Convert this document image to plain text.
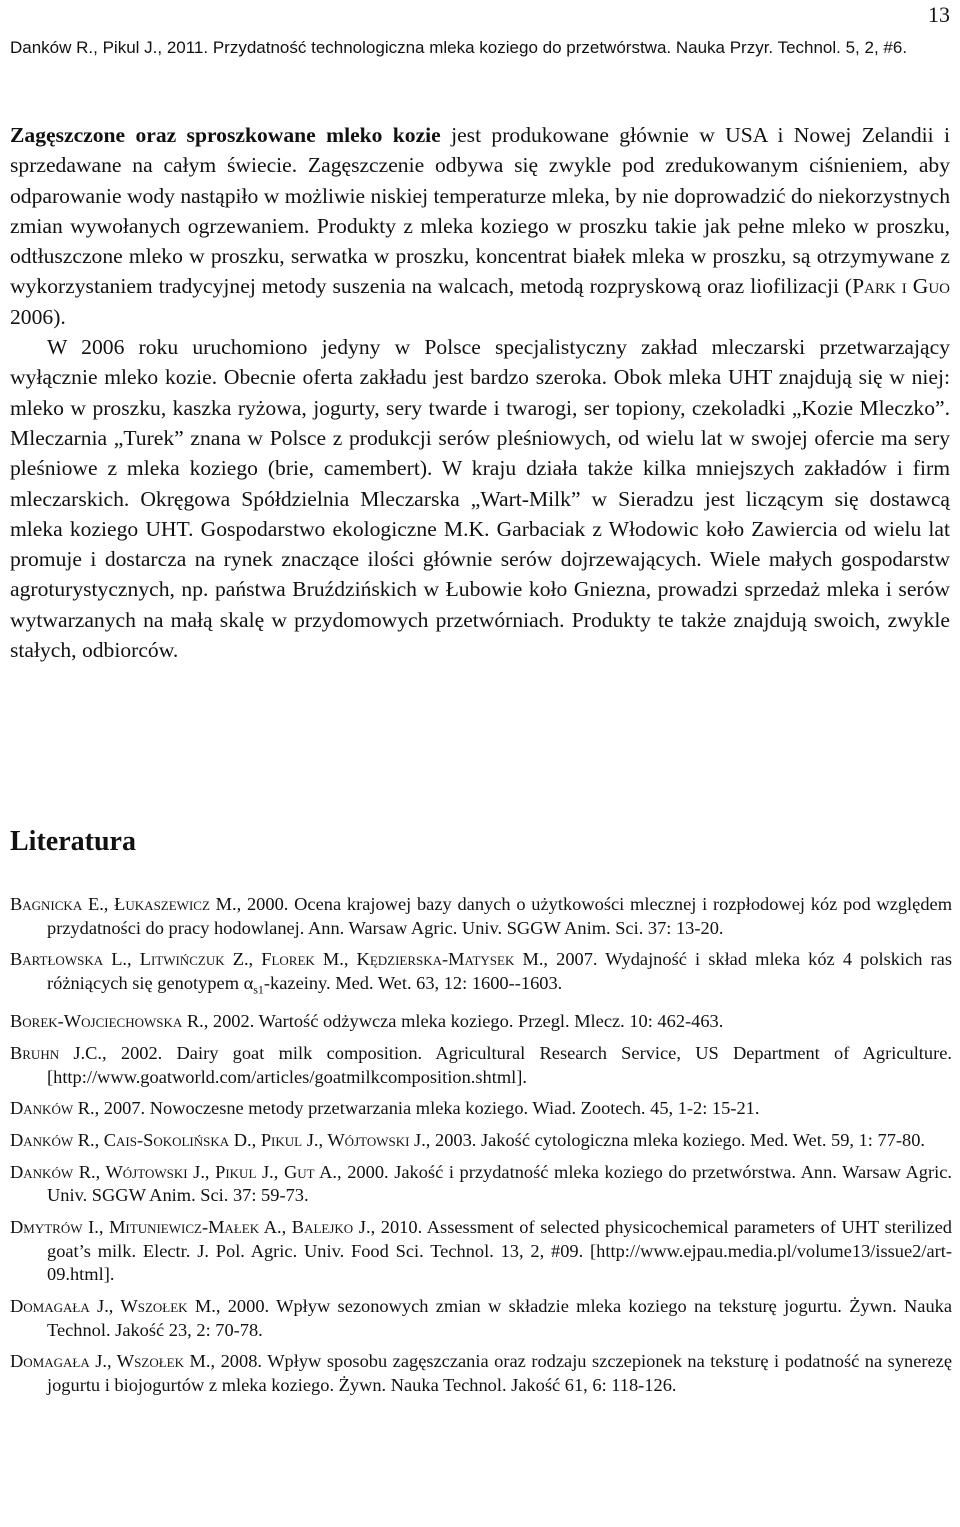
13
Danków R., Pikul J., 2011. Przydatność technologiczna mleka koziego do przetwórstwa. Nauka Przyr. Technol. 5, 2, #6.

Zagęszczone oraz sproszkowane mleko kozie jest produkowane głównie w USA i Nowej Zelandii i sprzedawane na całym świecie. Zagęszczenie odbywa się zwykle pod zredukowanym ciśnieniem, aby odparowanie wody nastąpiło w możliwie niskiej temperaturze mleka, by nie doprowadzić do niekorzystnych zmian wywołanych ogrzewaniem. Produkty z mleka koziego w proszku takie jak pełne mleko w proszku, odtłuszczone mleko w proszku, serwatka w proszku, koncentrat białek mleka w proszku, są otrzymywane z wykorzystaniem tradycyjnej metody suszenia na walcach, metodą rozpryskową oraz liofilizacji (Park i Guo 2006).

W 2006 roku uruchomiono jedyny w Polsce specjalistyczny zakład mleczarski przetwarzający wyłącznie mleko kozie. Obecnie oferta zakładu jest bardzo szeroka. Obok mleka UHT znajdują się w niej: mleko w proszku, kaszka ryżowa, jogurty, sery twarde i twarogi, ser topiony, czekoladki „Kozie Mleczko”. Mleczarnia „Turek” znana w Polsce z produkcji serów pleśniowych, od wielu lat w swojej ofercie ma sery pleśniowe z mleka koziego (brie, camembert). W kraju działa także kilka mniejszych zakładów i firm mleczarskich. Okręgowa Spółdzielnia Mleczarska „Wart-Milk” w Sieradzu jest liczącym się dostawcą mleka koziego UHT. Gospodarstwo ekologiczne M.K. Garbaciak z Włodowic koło Zawiercia od wielu lat promuje i dostarcza na rynek znaczące ilości głównie serów dojrzewających. Wiele małych gospodarstw agroturystycznych, np. państwa Bruździńskich w Łubowie koło Gniezna, prowadzi sprzedaż mleka i serów wytwarzanych na małą skalę w przydomowych przetwórniach. Produkty te także znajdują swoich, zwykle stałych, odbiorców.

Literatura
Bagnicka E., Łukaszewicz M., 2000. Ocena krajowej bazy danych o użytkowości mlecznej i rozpłodowej kóz pod względem przydatności do pracy hodowlanej. Ann. Warsaw Agric. Univ. SGGW Anim. Sci. 37: 13-20.
Bartłowska L., Litwińczuk Z., Florek M., Kędzierska-Matysek M., 2007. Wydajność i skład mleka kóz 4 polskich ras różniących się genotypem $\alpha_{s1}$-kazeiny. Med. Wet. 63, 12: 1600--1603.
Borek-Wojciechowska R., 2002. Wartość odżywcza mleka koziego. Przegl. Mlecz. 10: 462-463.
Bruhn J.C., 2002. Dairy goat milk composition. Agricultural Research Service, US Department of Agriculture. [http://www.goatworld.com/articles/goatmilkcomposition.shtml].
Danków R., 2007. Nowoczesne metody przetwarzania mleka koziego. Wiad. Zootech. 45, 1-2: 15-21.
Danków R., Cais-Sokolińska D., Pikul J., Wójtowski J., 2003. Jakość cytologiczna mleka koziego. Med. Wet. 59, 1: 77-80.
Danków R., Wójtowski J., Pikul J., Gut A., 2000. Jakość i przydatność mleka koziego do przetwórstwa. Ann. Warsaw Agric. Univ. SGGW Anim. Sci. 37: 59-73.
Dmytrów I., Mituniewicz-Małek A., Balejko J., 2010. Assessment of selected physicochemical parameters of UHT sterilized goat’s milk. Electr. J. Pol. Agric. Univ. Food Sci. Technol. 13, 2, #09. [http://www.ejpau.media.pl/volume13/issue2/art-09.html].
Domagała J., Wszołek M., 2000. Wpływ sezonowych zmian w składzie mleka koziego na teksturę jogurtu. Żywn. Nauka Technol. Jakość 23, 2: 70-78.
Domagała J., Wszołek M., 2008. Wpływ sposobu zagęszczania oraz rodzaju szczepionek na teksturę i podatność na synerezę jogurtu i biojogurtów z mleka koziego. Żywn. Nauka Technol. Jakość 61, 6: 118-126.
